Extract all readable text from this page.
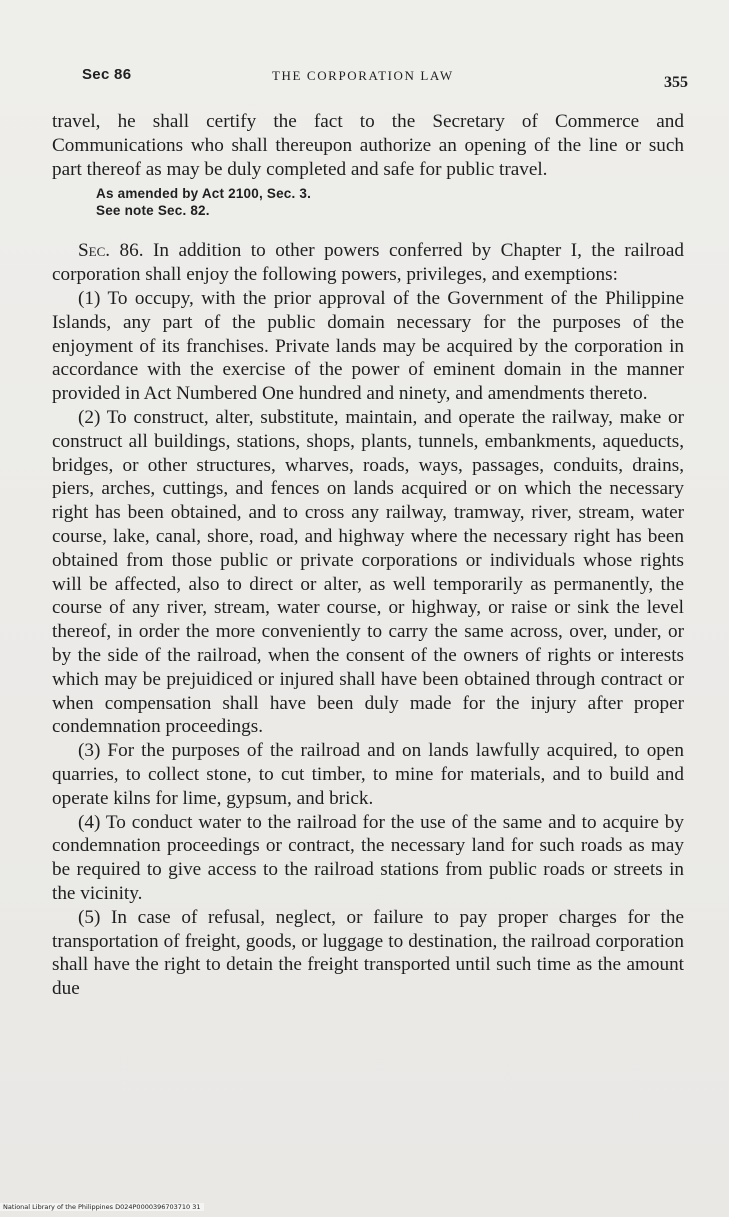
Sec 86	THE CORPORATION LAW	355

travel, he shall certify the fact to the Secretary of Commerce and Communications who shall thereupon authorize an opening of the line or such part thereof as may be duly completed and safe for public travel.

As amended by Act 2100, Sec. 3.
See note Sec. 82.

Sec. 86. In addition to other powers conferred by Chapter I, the railroad corporation shall enjoy the following powers, privileges, and exemptions:

(1) To occupy, with the prior approval of the Government of the Philippine Islands, any part of the public domain necessary for the purposes of the enjoyment of its franchises. Private lands may be acquired by the corporation in accordance with the exercise of the power of eminent domain in the manner provided in Act Numbered One hundred and ninety, and amendments thereto.

(2) To construct, alter, substitute, maintain, and operate the railway, make or construct all buildings, stations, shops, plants, tunnels, embankments, aqueducts, bridges, or other structures, wharves, roads, ways, passages, conduits, drains, piers, arches, cuttings, and fences on lands acquired or on which the necessary right has been obtained, and to cross any railway, tramway, river, stream, water course, lake, canal, shore, road, and highway where the necessary right has been obtained from those public or private corporations or individuals whose rights will be affected, also to direct or alter, as well temporarily as permanently, the course of any river, stream, water course, or highway, or raise or sink the level thereof, in order the more conveniently to carry the same across, over, under, or by the side of the railroad, when the consent of the owners of rights or interests which may be prejuidiced or injured shall have been obtained through contract or when compensation shall have been duly made for the injury after proper condemnation proceedings.

(3) For the purposes of the railroad and on lands lawfully acquired, to open quarries, to collect stone, to cut timber, to mine for materials, and to build and operate kilns for lime, gypsum, and brick.

(4) To conduct water to the railroad for the use of the same and to acquire by condemnation proceedings or contract, the necessary land for such roads as may be required to give access to the railroad stations from public roads or streets in the vicinity.

(5) In case of refusal, neglect, or failure to pay proper charges for the transportation of freight, goods, or luggage to destination, the railroad corporation shall have the right to detain the freight transported until such time as the amount due

National Library of the Philippines D024P0000396703710 31
